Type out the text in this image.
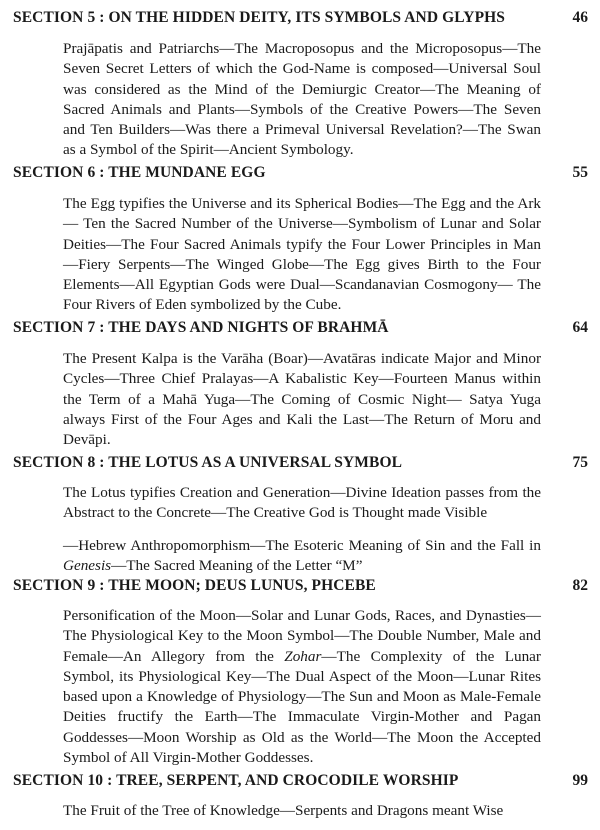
SECTION 5 : ON THE HIDDEN DEITY, ITS SYMBOLS AND GLYPHS	46

Prajāpatis and Patriarchs—The Macroposopus and the Microposopus—The Seven Secret Letters of which the God-Name is composed—Universal Soul was considered as the Mind of the Demiurgic Creator—The Meaning of Sacred Animals and Plants—Symbols of the Creative Powers—The Seven and Ten Builders—Was there a Primeval Universal Revelation?—The Swan as a Symbol of the Spirit—Ancient Symbology.

SECTION 6 : THE MUNDANE EGG	55

The Egg typifies the Universe and its Spherical Bodies—The Egg and the Ark— Ten the Sacred Number of the Universe—Symbolism of Lunar and Solar Deities—The Four Sacred Animals typify the Four Lower Principles in Man—Fiery Serpents—The Winged Globe—The Egg gives Birth to the Four Elements—All Egyptian Gods were Dual—Scandanavian Cosmogony— The Four Rivers of Eden symbolized by the Cube.

SECTION 7 : THE DAYS AND NIGHTS OF BRAHMĀ	64

The Present Kalpa is the Varāha (Boar)—Avatāras indicate Major and Minor Cycles—Three Chief Pralayas—A Kabalistic Key—Fourteen Manus within the Term of a Mahā Yuga—The Coming of Cosmic Night— Satya Yuga always First of the Four Ages and Kali the Last—The Return of Moru and Devāpi.

SECTION 8 : THE LOTUS AS A UNIVERSAL SYMBOL	75

The Lotus typifies Creation and Generation—Divine Ideation passes from the Abstract to the Concrete—The Creative God is Thought made Visible

—Hebrew Anthropomorphism—The Esoteric Meaning of Sin and the Fall in Genesis—The Sacred Meaning of the Letter “M”

SECTION 9 : THE MOON; DEUS LUNUS, PHCEBE	82

Personification of the Moon—Solar and Lunar Gods, Races, and Dynasties—The Physiological Key to the Moon Symbol—The Double Number, Male and Female—An Allegory from the Zohar—The Complexity of the Lunar Symbol, its Physiological Key—The Dual Aspect of the Moon—Lunar Rites based upon a Knowledge of Physiology—The Sun and Moon as Male-Female Deities fructify the Earth—The Immaculate Virgin-Mother and Pagan Goddesses—Moon Worship as Old as the World—The Moon the Accepted Symbol of All Virgin-Mother Goddesses.

SECTION 10 : TREE, SERPENT, AND CROCODILE WORSHIP	99

The Fruit of the Tree of Knowledge—Serpents and Dragons meant Wise
